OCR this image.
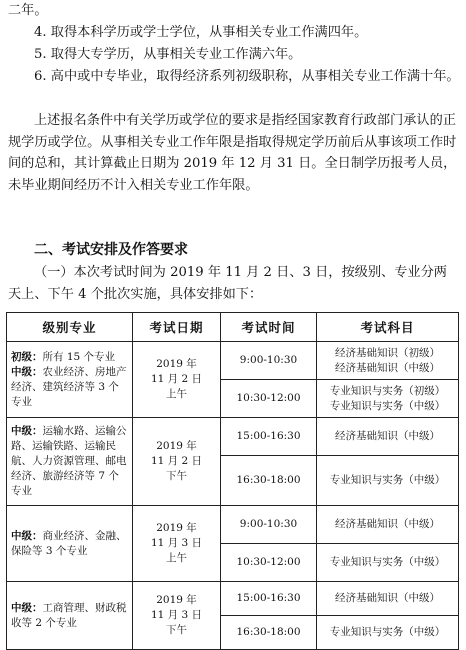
二年。

4. 取得本科学历或学士学位，从事相关专业工作满四年。

5. 取得大专学历，从事相关专业工作满六年。

6. 高中或中专毕业，取得经济系列初级职称，从事相关专业工作满十年。

上述报名条件中有关学历或学位的要求是指经国家教育行政部门承认的正规学历或学位。从事相关专业工作年限是指取得规定学历前后从事该项工作时间的总和，其计算截止日期为 2019 年 12 月 31 日。全日制学历报考人员，未毕业期间经历不计入相关专业工作年限。

二、考试安排及作答要求

（一）本次考试时间为 2019 年 11 月 2 日、3 日，按级别、专业分两天上、下午 4 个批次实施，具体安排如下：

级别专业	考试日期	考试时间	考试科目
初级：所有 15 个专业
中级：农业经济、房地产经济、建筑经济等 3 个专业	2019 年
11 月 2 日
上午	9:00-10:30	经济基础知识（初级）
经济基础知识（中级）

		10:30-12:00	专业知识与实务（初级）
专业知识与实务（中级）

中级：运输水路、运输公路、运输铁路、运输民航、人力资源管理、邮电经济、旅游经济等 7 个专业	2019 年
11 月 2 日
下午	15:00-16:30	经济基础知识（中级）

		16:30-18:00	专业知识与实务（中级）

中级：商业经济、金融、保险等 3 个专业	2019 年
11 月 3 日
上午	9:00-10:30	经济基础知识（中级）

		10:30-12:00	专业知识与实务（中级）

中级：工商管理、财政税收等 2 个专业	2019 年
11 月 3 日
下午	15:00-16:30	经济基础知识（中级）

		16:30-18:00	专业知识与实务（中级）
